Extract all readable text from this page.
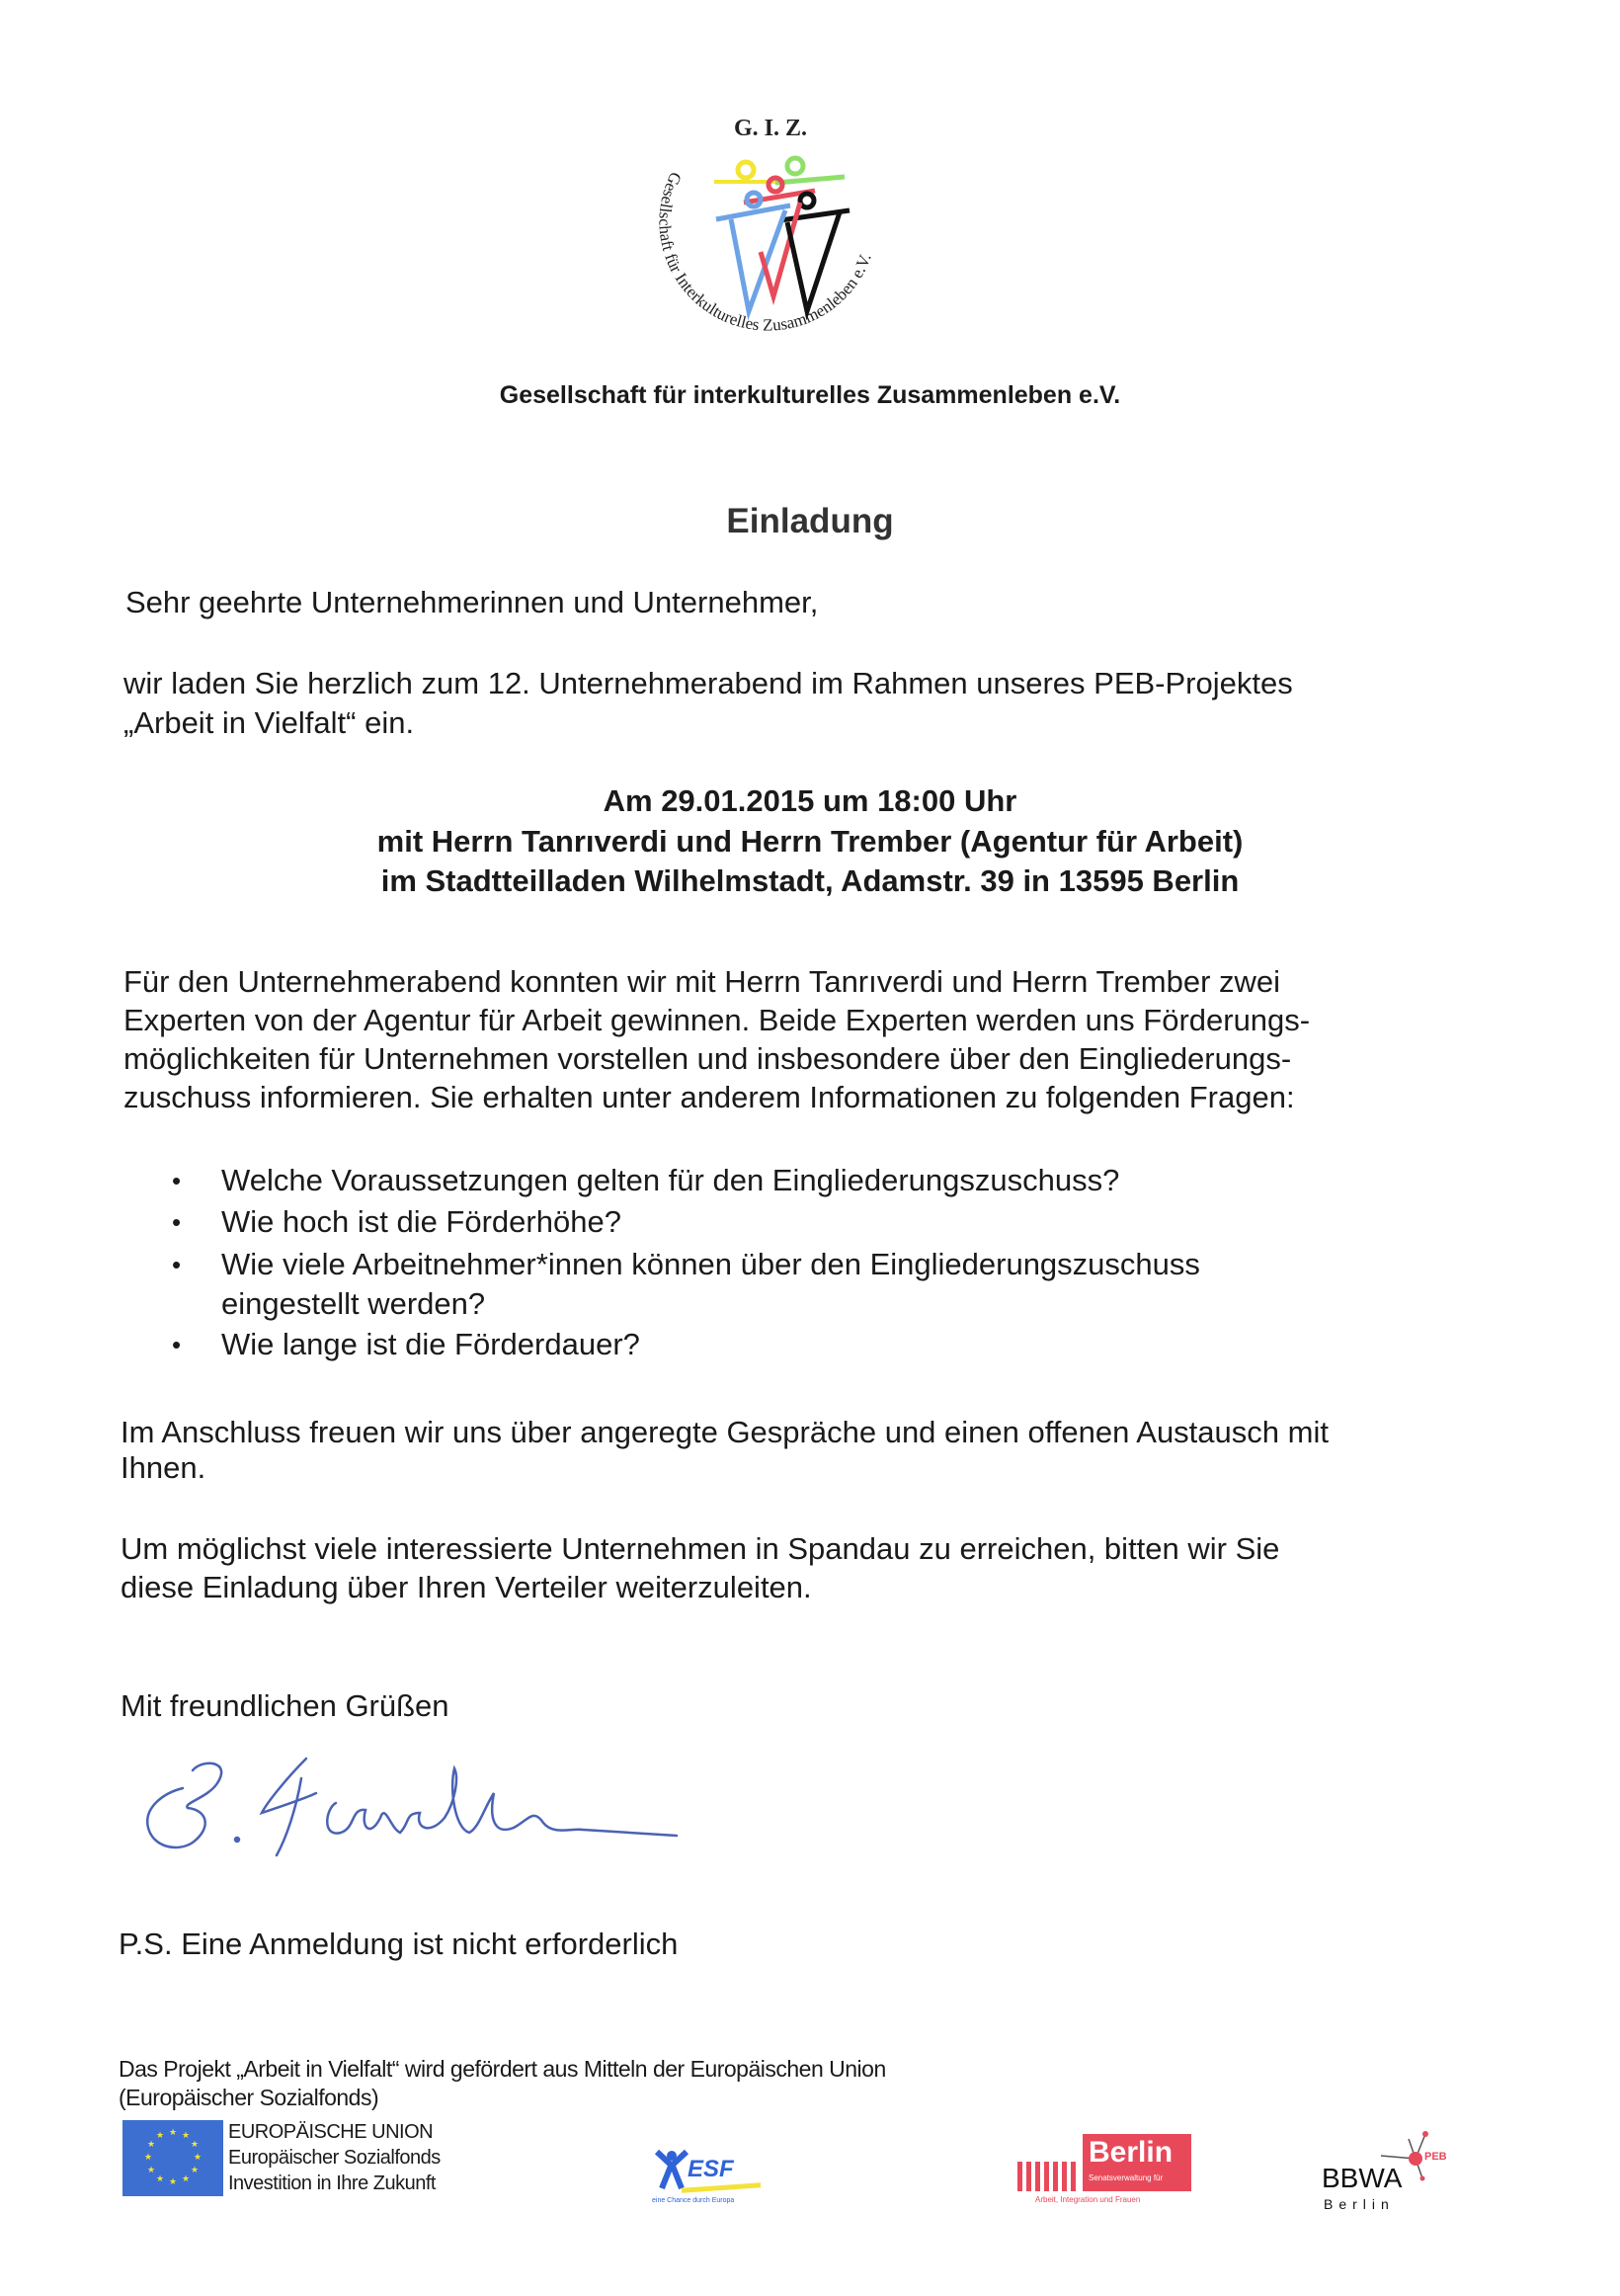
G. I. Z.
Gesellschaft für Interkulturelles Zusammenleben e.V.
Gesellschaft für interkulturelles Zusammenleben e.V.
Einladung
Sehr geehrte Unternehmerinnen und Unternehmer,
wir laden Sie herzlich zum 12. Unternehmerabend im Rahmen unseres PEB-Projektes
„Arbeit in Vielfalt“ ein.
Am 29.01.2015 um 18:00 Uhr
mit Herrn Tanrıverdi und Herrn Trember (Agentur für Arbeit)
im Stadtteilladen Wilhelmstadt, Adamstr. 39 in 13595 Berlin
Für den Unternehmerabend konnten wir mit Herrn Tanrıverdi und Herrn Trember zwei
Experten von der Agentur für Arbeit gewinnen. Beide Experten werden uns Förderungs-
möglichkeiten für Unternehmen vorstellen und insbesondere über den Eingliederungs-
zuschuss informieren. Sie erhalten unter anderem Informationen zu folgenden Fragen:
• Welche Voraussetzungen gelten für den Eingliederungszuschuss?
• Wie hoch ist die Förderhöhe?
• Wie viele Arbeitnehmer*innen können über den Eingliederungszuschuss
eingestellt werden?
• Wie lange ist die Förderdauer?
Im Anschluss freuen wir uns über angeregte Gespräche und einen offenen Austausch mit
Ihnen.
Um möglichst viele interessierte Unternehmen in Spandau zu erreichen, bitten wir Sie
diese Einladung über Ihren Verteiler weiterzuleiten.
Mit freundlichen Grüßen
P.S. Eine Anmeldung ist nicht erforderlich
Das Projekt „Arbeit in Vielfalt“ wird gefördert aus Mitteln der Europäischen Union
(Europäischer Sozialfonds)
★ ★
★
★
★
★
★
★
★
★
★
★	EUROPÄISCHE UNION
Europäischer Sozialfonds
Investition in Ihre Zukunft
ESF
eine Chance durch Europa
Berlin
Senatsverwaltung für
Arbeit, Integration und Frauen
PEB
BBWA
Berlin
